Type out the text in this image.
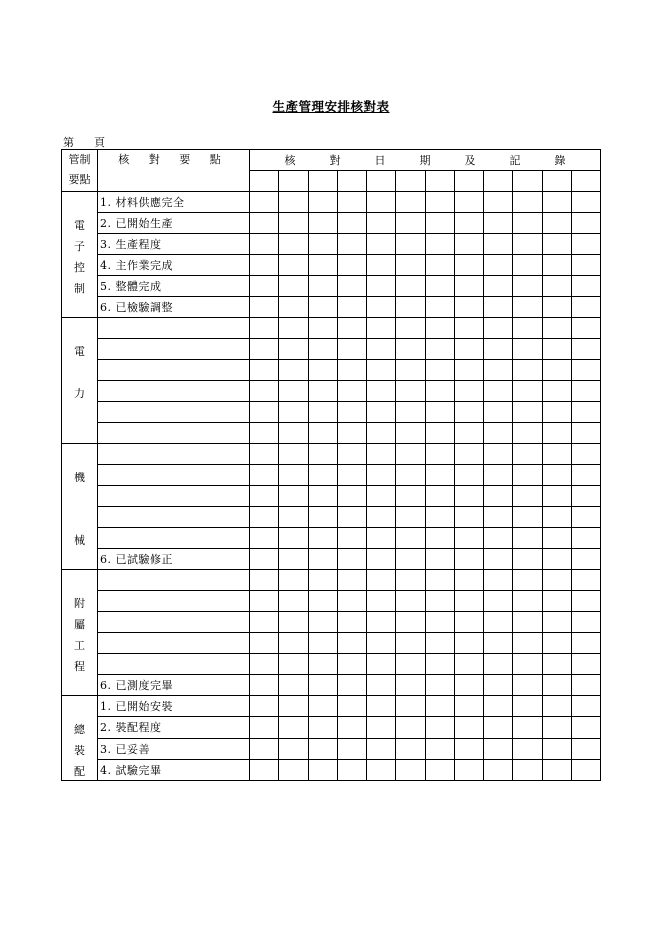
生產管理安排核對表
第 頁
管制
要點	核 對 要 點	核 對 日 期 及 記 錄											

電
子
控
制	1. 材料供應完全												
	2. 已開始生產												
	3. 生產程度												
	4. 主作業完成												
	5. 整體完成												
	6. 已檢驗調整												

電
力													

機
械													

	6. 已試驗修正												

附
屬
工
程													

	6. 已測度完畢												

總
裝
配	1. 已開始安裝												
	2. 裝配程度												
	3. 已妥善												
	4. 試驗完畢												
